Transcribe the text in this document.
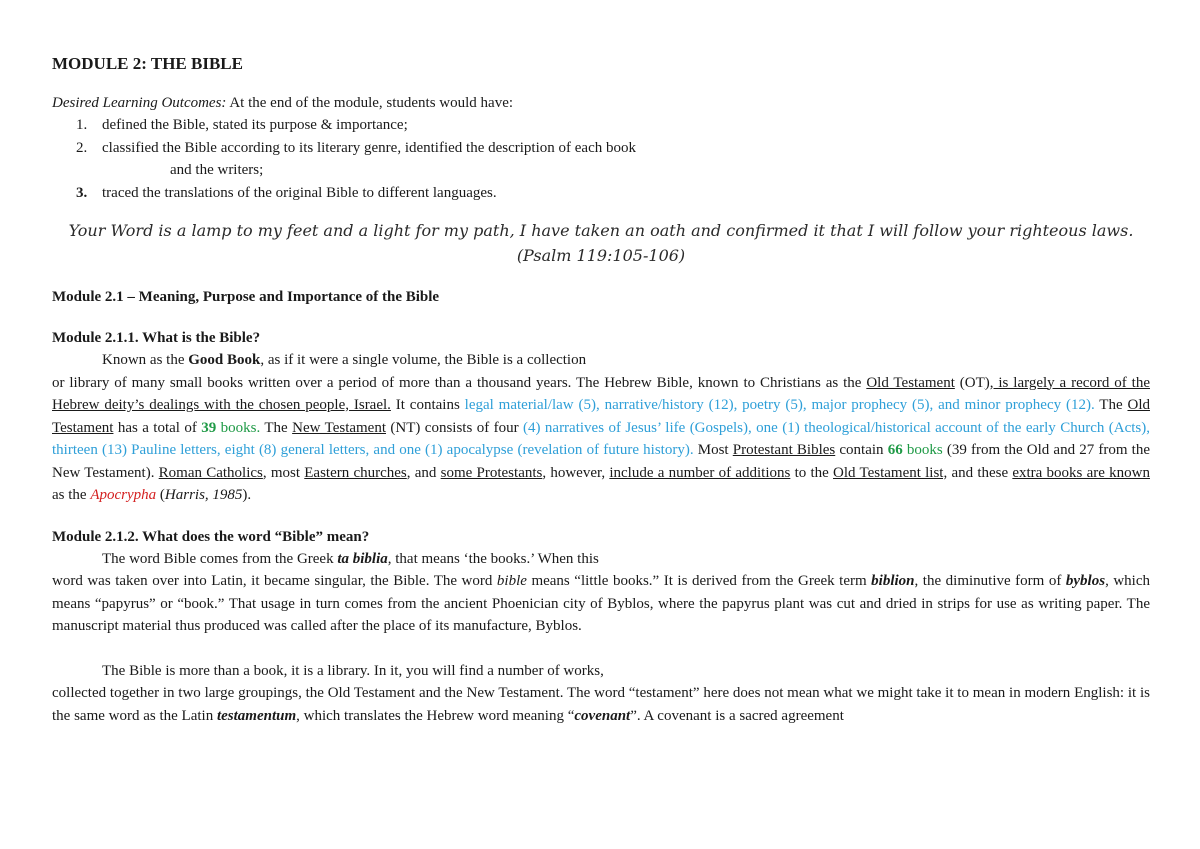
MODULE 2: THE BIBLE
Desired Learning Outcomes: At the end of the module, students would have:
1. defined the Bible, stated its purpose & importance;
2. classified the Bible according to its literary genre, identified the description of each book
and the writers;
3. traced the translations of the original Bible to different languages.
Your Word is a lamp to my feet and a light for my path, I have taken an oath and confirmed it that I will follow your righteous laws.
(Psalm 119:105-106)
Module 2.1 – Meaning, Purpose and Importance of the Bible
Module 2.1.1. What is the Bible?

Known as the Good Book, as if it were a single volume, the Bible is a collection
or library of many small books written over a period of more than a thousand years. The Hebrew Bible, known to Christians as the Old Testament (OT), is largely a record of the Hebrew deity’s dealings with the chosen people, Israel. It contains legal material/law (5), narrative/history (12), poetry (5), major prophecy (5), and minor prophecy (12). The Old Testament has a total of 39 books. The New Testament (NT) consists of four (4) narratives of Jesus’ life (Gospels), one (1) theological/historical account of the early Church (Acts), thirteen (13) Pauline letters, eight (8) general letters, and one (1) apocalypse (revelation of future history). Most Protestant Bibles contain 66 books (39 from the Old and 27 from the New Testament). Roman Catholics, most Eastern churches, and some Protestants, however, include a number of additions to the Old Testament list, and these extra books are known as the Apocrypha (Harris, 1985).

Module 2.1.2. What does the word “Bible” mean?

The word Bible comes from the Greek ta biblia, that means ‘the books.’ When this
word was taken over into Latin, it became singular, the Bible. The word bible means “little books.” It is derived from the Greek term biblion, the diminutive form of byblos, which means “papyrus” or “book.” That usage in turn comes from the ancient Phoenician city of Byblos, where the papyrus plant was cut and dried in strips for use as writing paper. The manuscript material thus produced was called after the place of its manufacture, Byblos.

The Bible is more than a book, it is a library. In it, you will find a number of works,
collected together in two large groupings, the Old Testament and the New Testament. The word “testament” here does not mean what we might take it to mean in modern English: it is the same word as the Latin testamentum, which translates the Hebrew word meaning “covenant”. A covenant is a sacred agreement
